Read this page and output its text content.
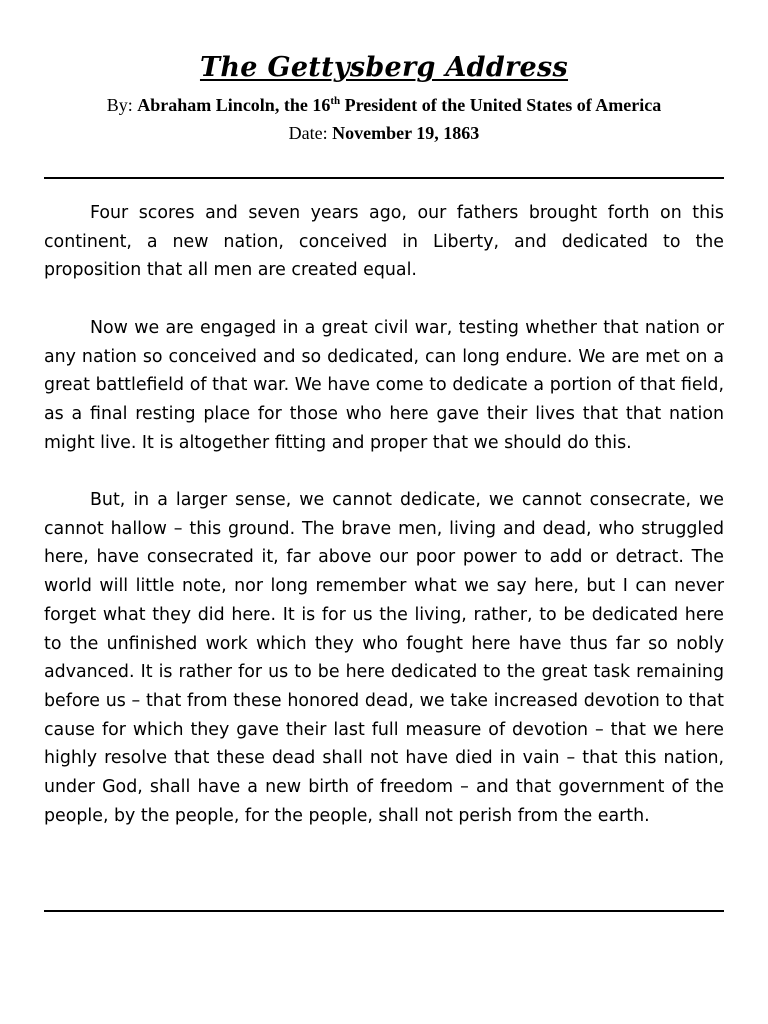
The Gettysberg Address
By: Abraham Lincoln, the 16th President of the United States of America
Date: November 19, 1863

Four scores and seven years ago, our fathers brought forth on this continent, a new nation, conceived in Liberty, and dedicated to the proposition that all men are created equal.

Now we are engaged in a great civil war, testing whether that nation or any nation so conceived and so dedicated, can long endure. We are met on a great battlefield of that war. We have come to dedicate a portion of that field, as a final resting place for those who here gave their lives that that nation might live. It is altogether fitting and proper that we should do this.

But, in a larger sense, we cannot dedicate, we cannot consecrate, we cannot hallow – this ground. The brave men, living and dead, who struggled here, have consecrated it, far above our poor power to add or detract. The world will little note, nor long remember what we say here, but I can never forget what they did here. It is for us the living, rather, to be dedicated here to the unfinished work which they who fought here have thus far so nobly advanced. It is rather for us to be here dedicated to the great task remaining before us – that from these honored dead, we take increased devotion to that cause for which they gave their last full measure of devotion – that we here highly resolve that these dead shall not have died in vain – that this nation, under God, shall have a new birth of freedom – and that government of the people, by the people, for the people, shall not perish from the earth.
